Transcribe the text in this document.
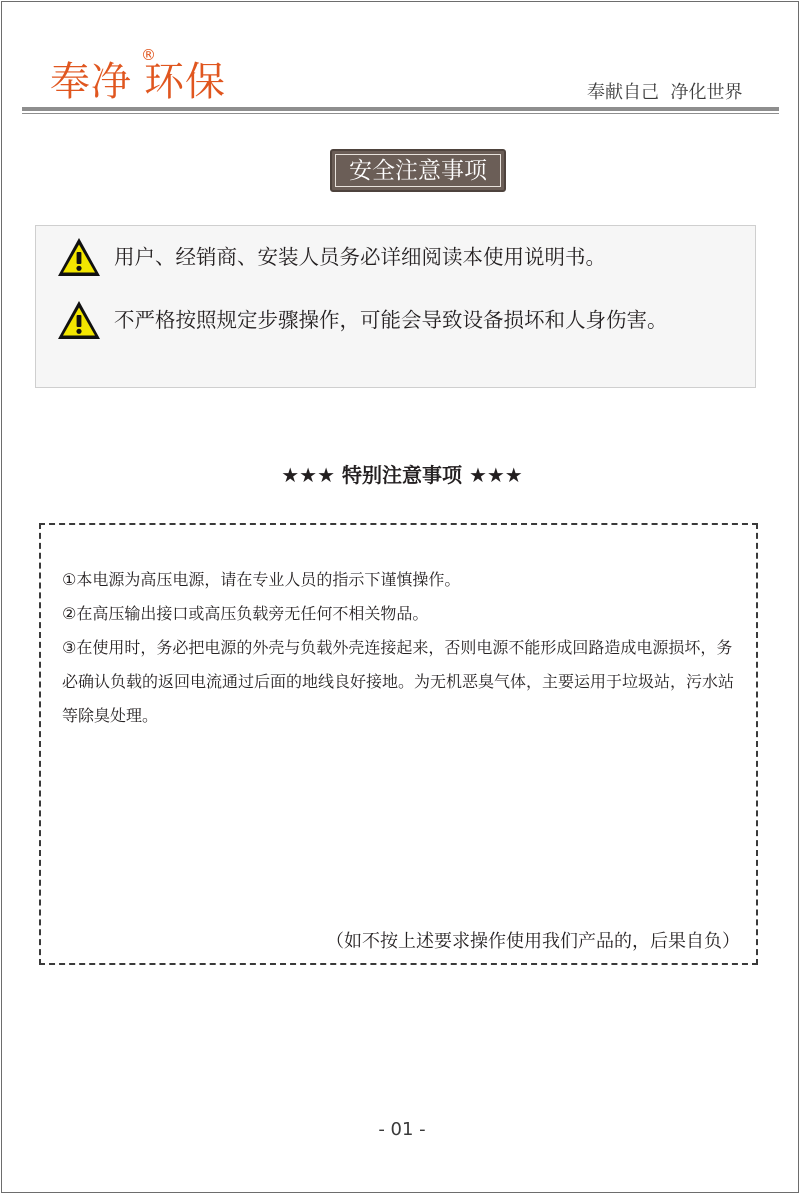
奉净 环保
®
奉献自己  净化世界
安全注意事项
用户、经销商、安装人员务必详细阅读本使用说明书。
不严格按照规定步骤操作，可能会导致设备损坏和人身伤害。
★★★ 特别注意事项 ★★★

①本电源为高压电源，请在专业人员的指示下谨慎操作。

②在高压输出接口或高压负载旁无任何不相关物品。

③在使用时，务必把电源的外壳与负载外壳连接起来，否则电源不能形成回路造成电源损坏，务必确认负载的返回电流通过后面的地线良好接地。为无机恶臭气体，主要运用于垃圾站，污水站等除臭处理。

（如不按上述要求操作使用我们产品的，后果自负）
- 01 -
